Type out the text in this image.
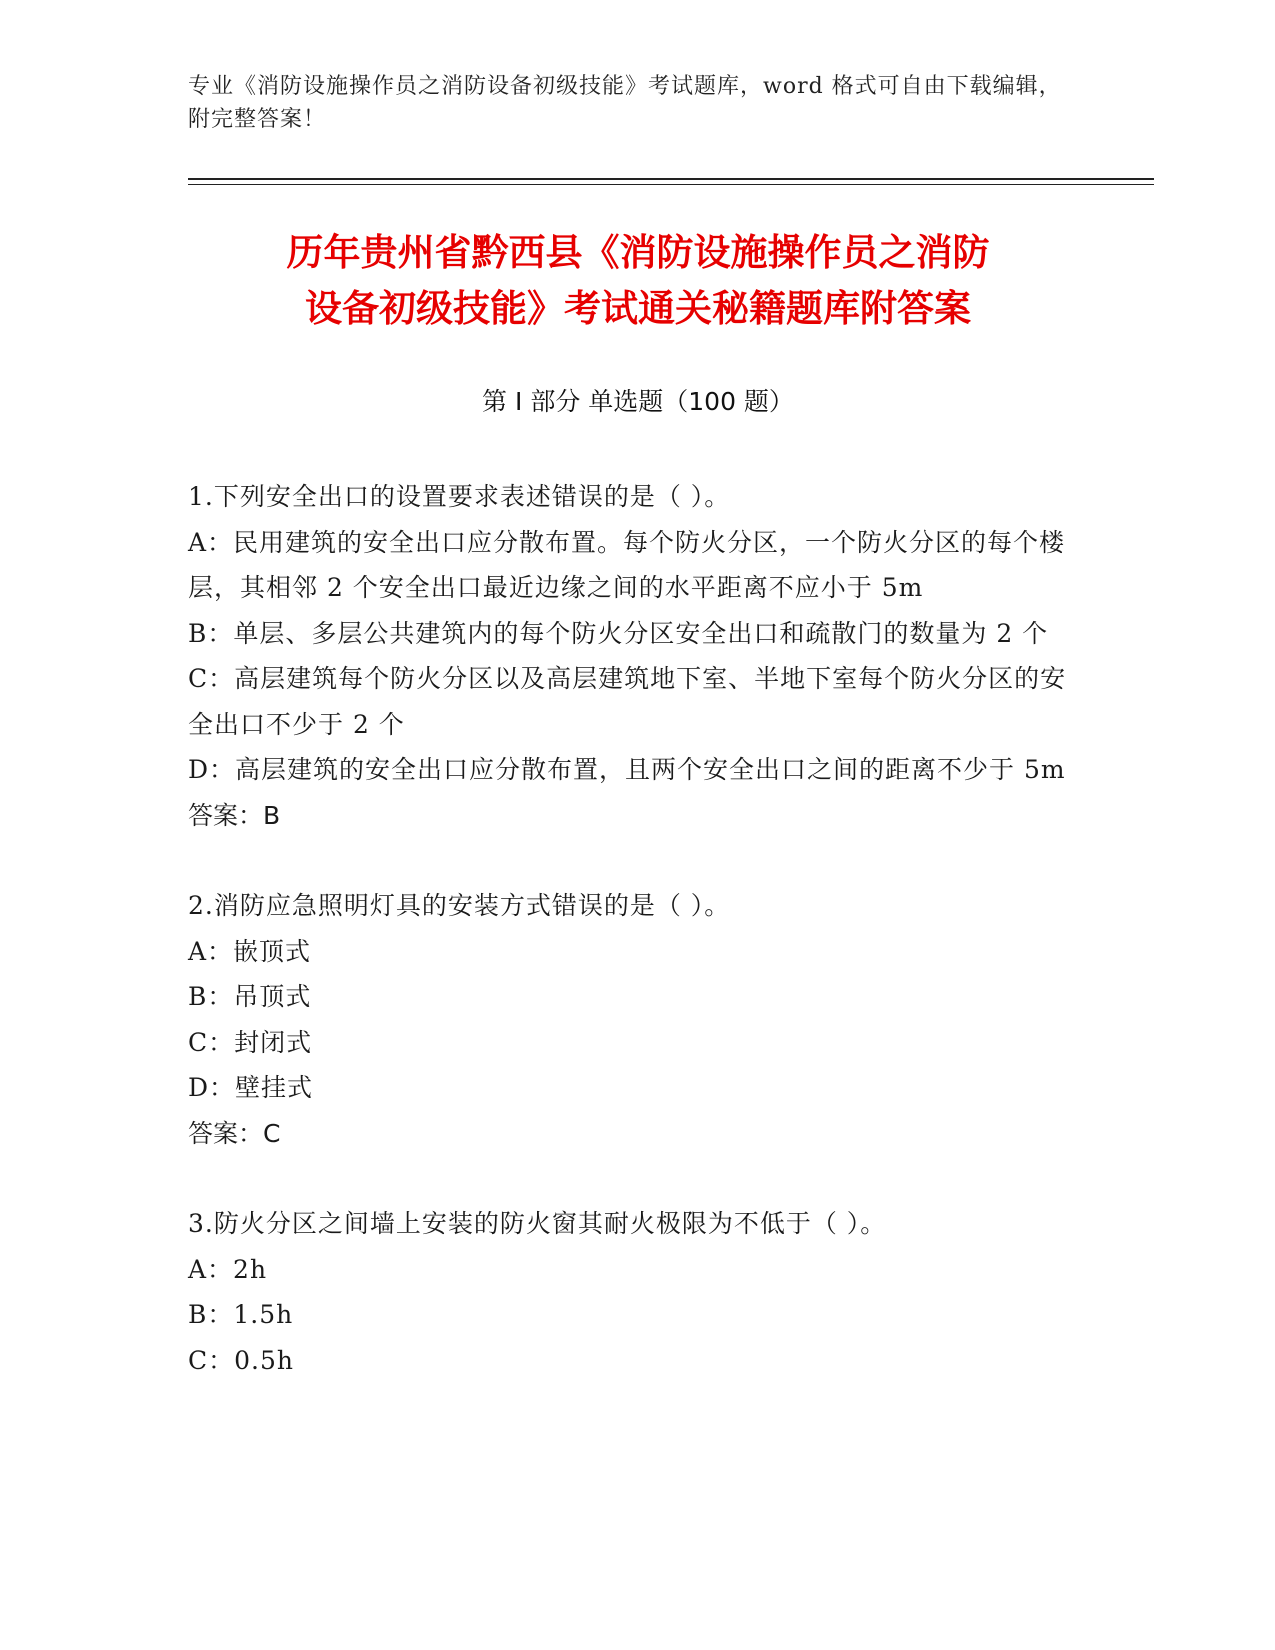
专业《消防设施操作员之消防设备初级技能》考试题库，word 格式可自由下载编辑，附完整答案！
历年贵州省黔西县《消防设施操作员之消防
设备初级技能》考试通关秘籍题库附答案
第 I 部分 单选题（100 题）

1.下列安全出口的设置要求表述错误的是（ ）。

A：民用建筑的安全出口应分散布置。每个防火分区，一个防火分区的每个楼层，其相邻 2 个安全出口最近边缘之间的水平距离不应小于 5m

B：单层、多层公共建筑内的每个防火分区安全出口和疏散门的数量为 2 个

C：高层建筑每个防火分区以及高层建筑地下室、半地下室每个防火分区的安全出口不少于 2 个

D：高层建筑的安全出口应分散布置，且两个安全出口之间的距离不少于 5m

答案：B

2.消防应急照明灯具的安装方式错误的是（ ）。

A：嵌顶式

B：吊顶式

C：封闭式

D：壁挂式

答案：C

3.防火分区之间墙上安装的防火窗其耐火极限为不低于（ ）。

A：2h

B：1.5h

C：0.5h
